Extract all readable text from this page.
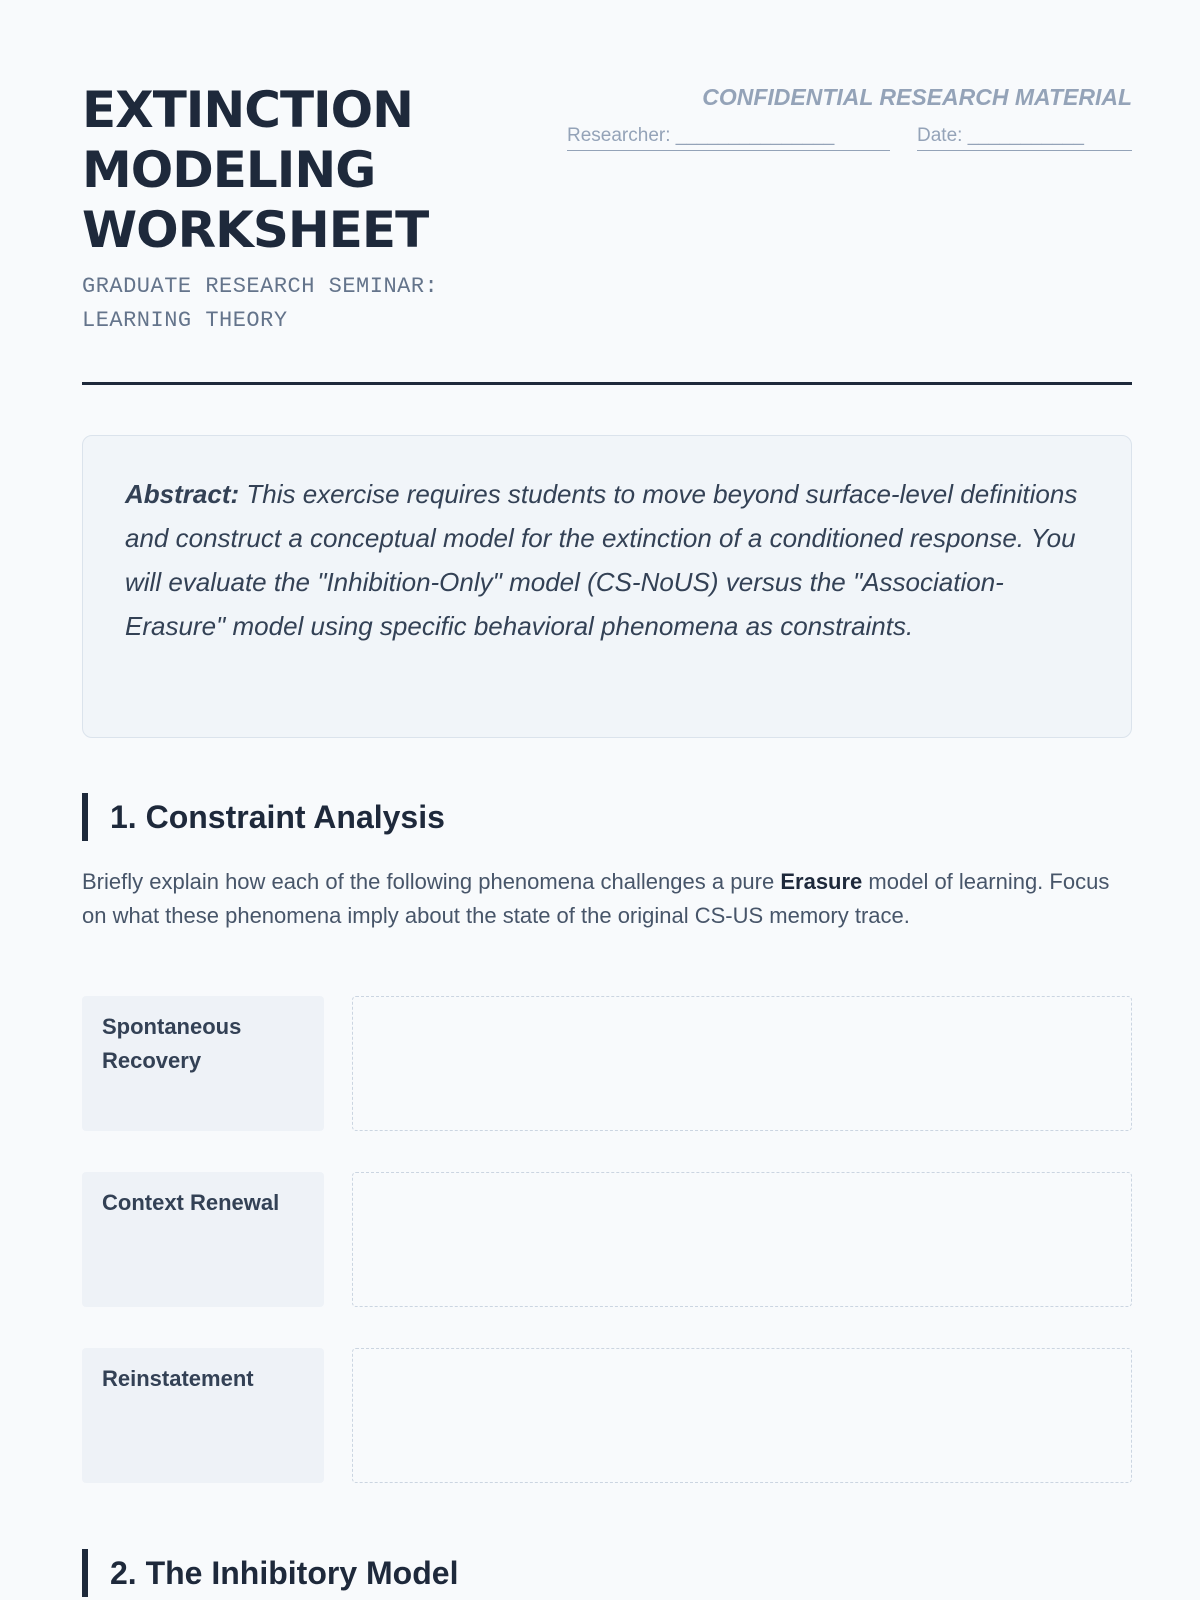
EXTINCTION MODELING WORKSHEET
GRADUATE RESEARCH SEMINAR: LEARNING THEORY
CONFIDENTIAL RESEARCH MATERIAL
Researcher: _______________	Date: ___________
Abstract: This exercise requires students to move beyond surface-level definitions and construct a conceptual model for the extinction of a conditioned response. You will evaluate the "Inhibition-Only" model (CS-NoUS) versus the "Association-Erasure" model using specific behavioral phenomena as constraints.
1. Constraint Analysis
Briefly explain how each of the following phenomena challenges a pure Erasure model of learning. Focus on what these phenomena imply about the state of the original CS-US memory trace.
Spontaneous Recovery
Context Renewal
Reinstatement
2. The Inhibitory Model
